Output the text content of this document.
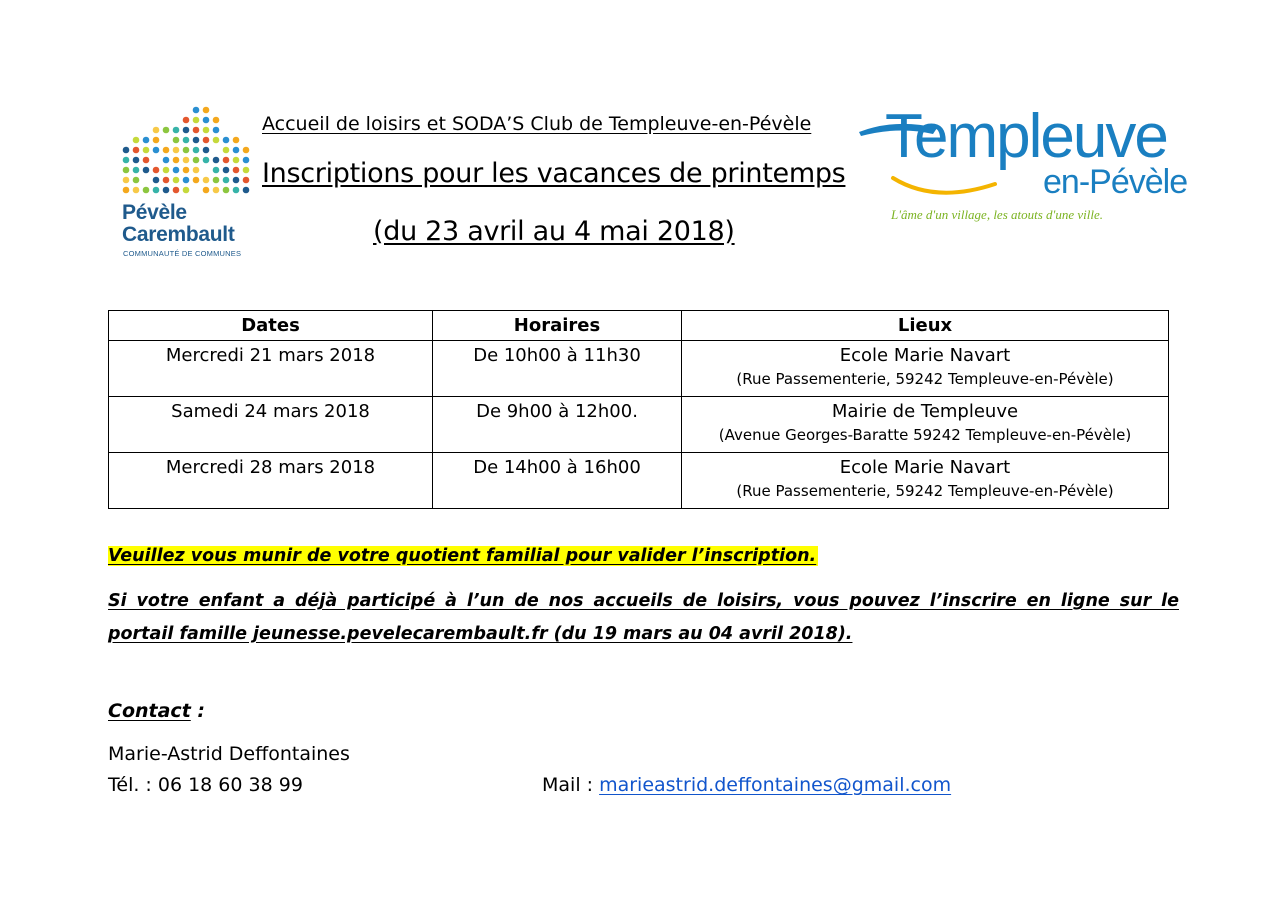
Pévèle
Carembault
COMMUNAUTÉ DE COMMUNES
Templeuve
en-Pévèle
L'âme d'un village, les atouts d'une ville.
Accueil de loisirs et SODA’S Club de Templeuve-en-Pévèle
Inscriptions pour les vacances de printemps
(du 23 avril au 4 mai 2018)
Dates	Horaires	Lieux

Mercredi 21 mars 2018	De 10h00 à 11h30	Ecole Marie Navart
(Rue Passementerie, 59242 Templeuve-en-Pévèle)

Samedi 24 mars 2018	De 9h00 à 12h00.	Mairie de Templeuve
(Avenue Georges-Baratte 59242 Templeuve-en-Pévèle)

Mercredi 28 mars 2018	De 14h00 à 16h00	Ecole Marie Navart
(Rue Passementerie, 59242 Templeuve-en-Pévèle)
Veuillez vous munir de votre quotient familial pour valider l’inscription.
Si votre enfant a déjà participé à l’un de nos accueils de loisirs, vous pouvez l’inscrire en ligne sur le
portail famille jeunesse.pevelecarembault.fr (du 19 mars au 04 avril 2018).
Contact :
Marie-Astrid Deffontaines
Tél. : 06 18 60 38 99	Mail : marieastrid.deffontaines@gmail.com
